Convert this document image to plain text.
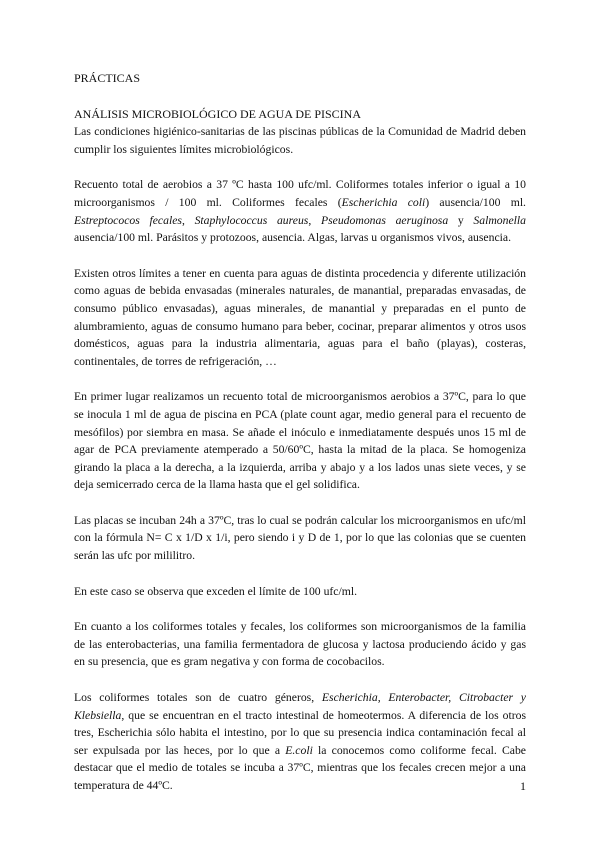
PRÁCTICAS
ANÁLISIS MICROBIOLÓGICO DE AGUA DE PISCINA

Las condiciones higiénico-sanitarias de las piscinas públicas de la Comunidad de Madrid deben cumplir los siguientes límites microbiológicos.

Recuento total de aerobios a 37 ºC hasta 100 ufc/ml. Coliformes totales inferior o igual a 10 microorganismos / 100 ml. Coliformes fecales (Escherichia coli) ausencia/100 ml. Estreptococos fecales, Staphylococcus aureus, Pseudomonas aeruginosa y Salmonella ausencia/100 ml. Parásitos y protozoos, ausencia. Algas, larvas u organismos vivos, ausencia.

Existen otros límites a tener en cuenta para aguas de distinta procedencia y diferente utilización como aguas de bebida envasadas (minerales naturales, de manantial, preparadas envasadas, de consumo público envasadas), aguas minerales, de manantial y preparadas en el punto de alumbramiento, aguas de consumo humano para beber, cocinar, preparar alimentos y otros usos domésticos, aguas para la industria alimentaria, aguas para el baño (playas), costeras, continentales, de torres de refrigeración, …

En primer lugar realizamos un recuento total de microorganismos aerobios a 37ºC, para lo que se inocula 1 ml de agua de piscina en PCA (plate count agar, medio general para el recuento de mesófilos) por siembra en masa. Se añade el inóculo e inmediatamente después unos 15 ml de agar de PCA previamente atemperado a 50/60ºC, hasta la mitad de la placa. Se homogeniza girando la placa a la derecha, a la izquierda, arriba y abajo y a los lados unas siete veces, y se deja semicerrado cerca de la llama hasta que el gel solidifica.

Las placas se incuban 24h a 37ºC, tras lo cual se podrán calcular los microorganismos en ufc/ml con la fórmula N= C x 1/D x 1/i, pero siendo i y D de 1, por lo que las colonias que se cuenten serán las ufc por mililitro.

En este caso se observa que exceden el límite de 100 ufc/ml.

En cuanto a los coliformes totales y fecales, los coliformes son microorganismos de la familia de las enterobacterias, una familia fermentadora de glucosa y lactosa produciendo ácido y gas en su presencia, que es gram negativa y con forma de cocobacilos.

Los coliformes totales son de cuatro géneros, Escherichia, Enterobacter, Citrobacter y Klebsiella, que se encuentran en el tracto intestinal de homeotermos. A diferencia de los otros tres, Escherichia sólo habita el intestino, por lo que su presencia indica contaminación fecal al ser expulsada por las heces, por lo que a E.coli la conocemos como coliforme fecal. Cabe destacar que el medio de totales se incuba a 37ºC, mientras que los fecales crecen mejor a una temperatura de 44ºC.	1
